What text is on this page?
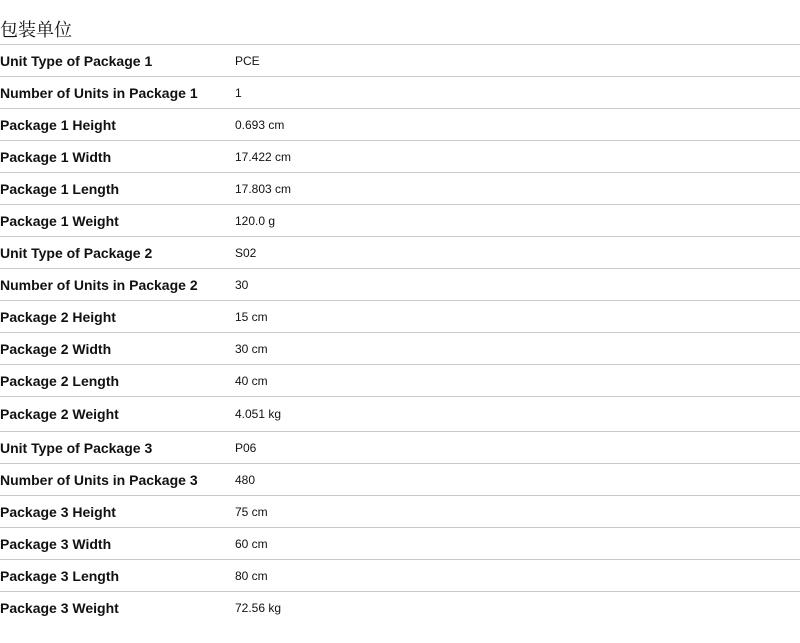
包装单位
Unit Type of Package 1	PCE
Number of Units in Package 1	1
Package 1 Height	0.693 cm
Package 1 Width	17.422 cm
Package 1 Length	17.803 cm
Package 1 Weight	120.0 g
Unit Type of Package 2	S02
Number of Units in Package 2	30
Package 2 Height	15 cm
Package 2 Width	30 cm
Package 2 Length	40 cm
Package 2 Weight	4.051 kg
Unit Type of Package 3	P06
Number of Units in Package 3	480
Package 3 Height	75 cm
Package 3 Width	60 cm
Package 3 Length	80 cm
Package 3 Weight	72.56 kg
